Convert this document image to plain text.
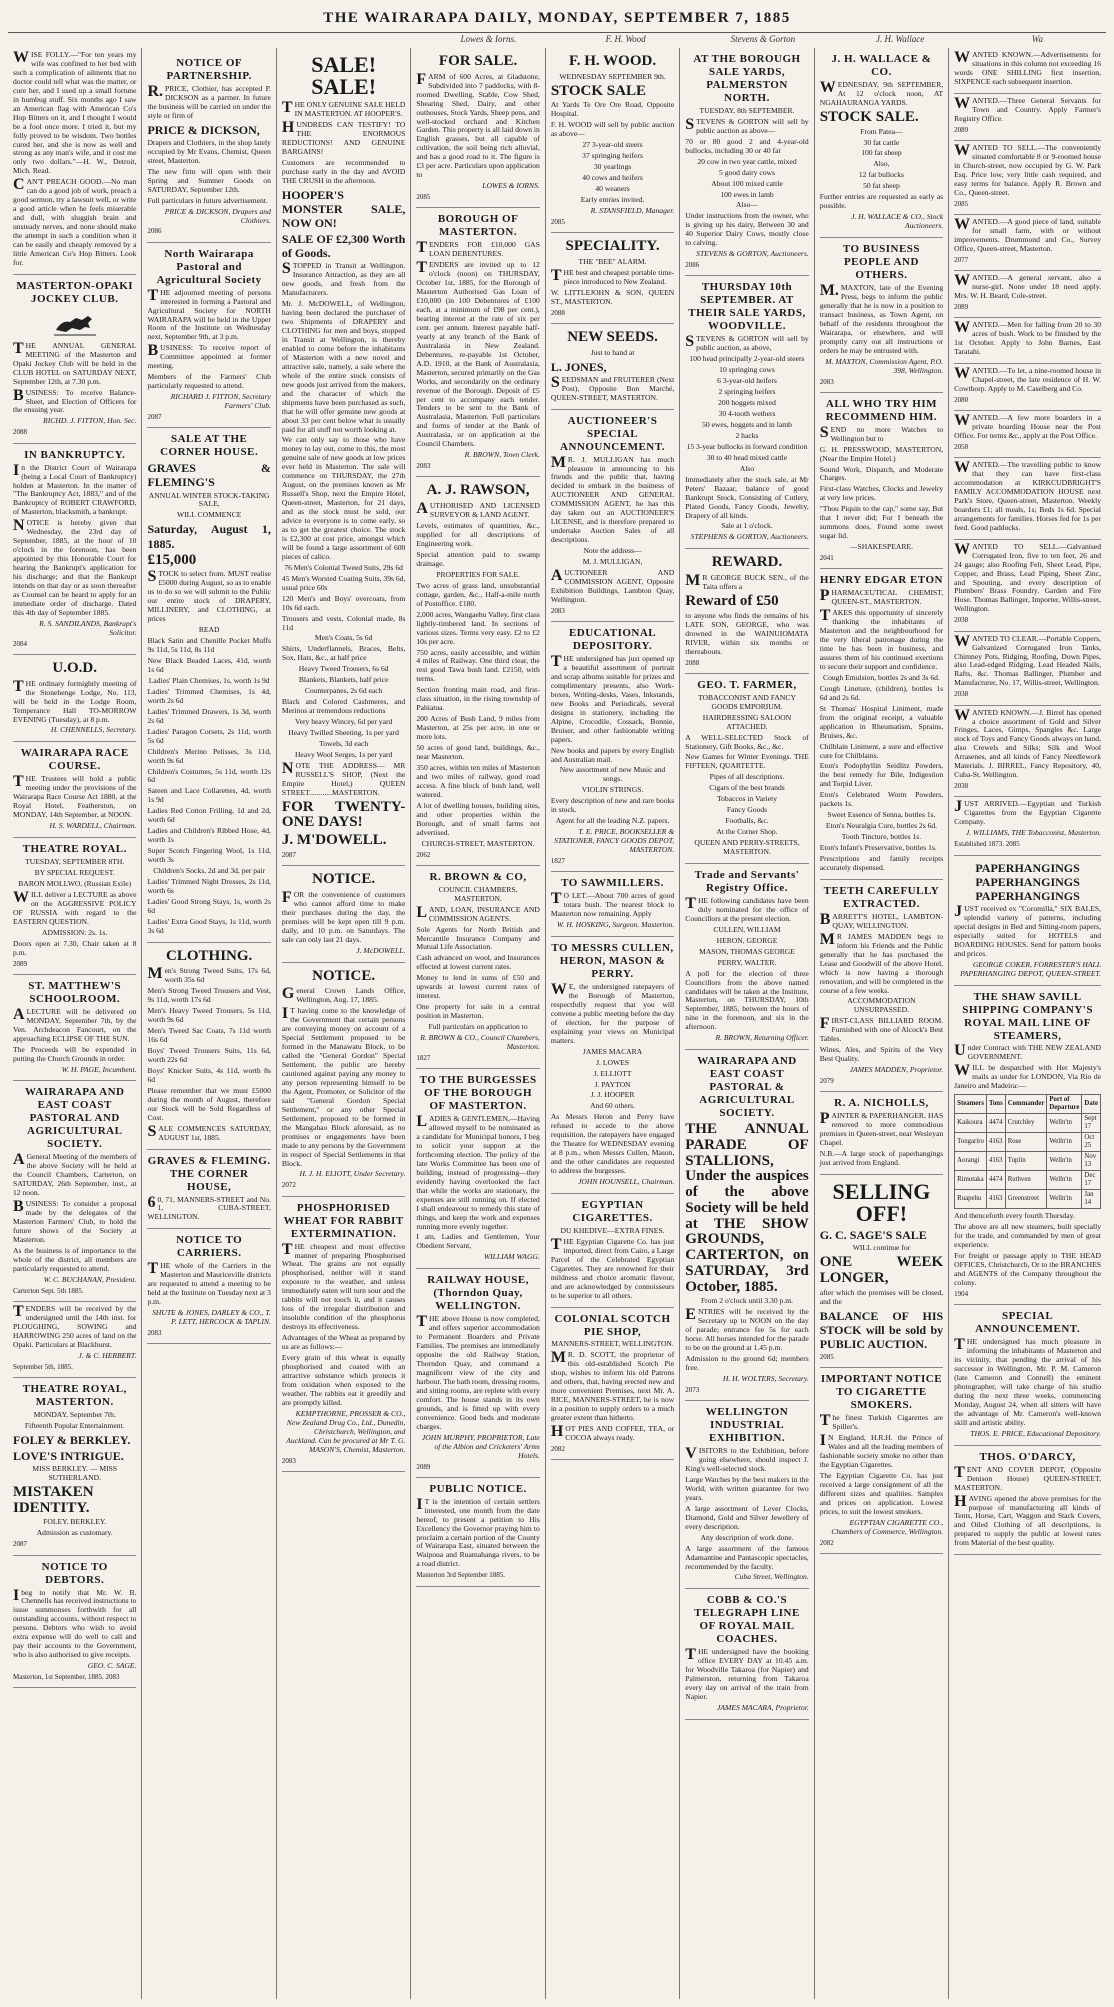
THE WAIRARAPA DAILY, MONDAY, SEPTEMBER 7, 1885
Lowes & Iorns.	F. H. Wood	Stevens & Gorton	J. H. Wallace	Wa

WISE FOLLY.—"For ten years my wife was confined to her bed with such a complication of ailments that no doctor could tell what was the matter, or cure her, and I used up a small fortune in humbug stuff. Six months ago I saw an American flag with American Co's Hop Bitters on it, and I thought I would be a fool once more. I tried it, but my folly proved to be wisdom. Two bottles cured her, and she is now as well and strong as any man's wife, and it cost me only two dollars."—H. W., Detroit, Mich. Read.

CAN'T PREACH GOOD.—No man can do a good job of work, preach a good sermon, try a lawsuit well, or write a good article when he feels miserable and dull, with sluggish brain and unsteady nerves, and none should make the attempt in such a condition when it can be easily and cheaply removed by a little American Co's Hop Bitters. Look for.

MASTERTON-OPAKI JOCKEY CLUB.

THE ANNUAL GENERAL MEETING of the Masterton and Opaki Jockey Club will be held in the CLUB HOTEL on SATURDAY NEXT, September 12th, at 7.30 p.m.

BUSINESS: To receive Balance-Sheet, and Election of Officers for the ensuing year.

RICHD. J. FITTON, Hon. Sec.

2088

IN BANKRUPTCY.

In the District Court of Wairarapa (being a Local Court of Bankruptcy) holden at Masterton. In the matter of "The Bankruptcy Act, 1883," and of the Bankruptcy of ROBERT CRAWFORD, of Masterton, blacksmith, a bankrupt.

NOTICE is hereby given that Wednesday, the 23rd day of September, 1885, at the hour of 10 o'clock in the forenoon, has been appointed by this Honorable Court for hearing the Bankrupt's application for his discharge; and that the Bankrupt intends on that day or as soon thereafter as Counsel can be heard to apply for an immediate order of discharge. Dated this 4th day of September 1885.

R. S. SANDILANDS, Bankrupt's Solicitor.

2084

U.O.D.

THE ordinary fortnightly meeting of the Stonehenge Lodge, No. 113, will be held in the Lodge Room, Temperance Hall TO-MORROW EVENING (Tuesday), at 8 p.m.

H. CHENNELLS, Secretary.

WAIRARAPA RACE COURSE.

THE Trustees will hold a public meeting under the provisions of the Wairarapa Race Course Act 1880, at the Royal Hotel, Featherston, on MONDAY, 14th September, at NOON.

H. S. WARDELL, Chairman.

THEATRE ROYAL.

TUESDAY, SEPTEMBER 8TH.

BY SPECIAL REQUEST.

BARON MOLLWO, (Russian Exile)

WILL deliver a LECTURE as above on the AGGRESSIVE POLICY OF RUSSIA with regard to the EASTERN QUESTION.

ADMISSION: 2s. 1s.

Doors open at 7.30, Chair taken at 8 p.m.

2089

ST. MATTHEW'S SCHOOLROOM.

ALECTURE will be delivered on MONDAY, September 7th, by the Ven. Archdeacon Fancourt, on the approaching ECLIPSE OF THE SUN.

The Proceeds will be expended in putting the Church Grounds in order.

W. H. PAGE, Incumbent.

WAIRARAPA AND EAST COAST PASTORAL AND AGRICULTURAL SOCIETY.

AGeneral Meeting of the members of the above Society will be held at the Council Chambers, Carterton, on SATURDAY, 26th September, inst., at 12 noon.

BUSINESS: To consider a proposal made by the delegates of the Masterton Farmers' Club, to hold the future shows of the Society at Masterton.

As the business is of importance to the whole of the district, all members are particularly requested to attend.

W. C. BUCHANAN, President.

Carterton Sept. 5th 1885.

TENDERS will be received by the undersigned until the 14th inst. for PLOUGHING, SOWING and HARROWING 250 acres of land on the Opaki. Particulars at Blackhurst.

J. & C. HERBERT.

September 5th, 1885.

THEATRE ROYAL, MASTERTON.

MONDAY, September 7th.

Fifteenth Popular Entertainment.

FOLEY & BERKLEY.

LOVE'S INTRIGUE.

MISS BERKLEY. — MISS SUTHERLAND.

MISTAKEN IDENTITY.

FOLEY. BERKLEY.

Admission as customary.

2087

NOTICE TO DEBTORS.

Ibeg to notify that Mr. W. B. Chennells has received instructions to issue summonses forthwith for all outstanding accounts, without respect to persons. Debtors who wish to avoid extra expense will do well to call and pay their accounts to the Government, who is also authorised to give receipts.

GEO. C. SAGE.

Masterton, 1st September, 1885. 2083

NOTICE OF PARTNERSHIP.

R.PRICE, Clothier, has accepted P. DICKSON as a partner. In future the business will be carried on under the style or firm of

PRICE & DICKSON,

Drapers and Clothiers, in the shop lately occupied by Mr Evans, Chemist, Queen street, Masterton.

The new firm will open with their Spring and Summer Goods on SATURDAY, September 12th.

Full particulars in future advertisement.

PRICE & DICKSON, Drapers and Clothiers.

2086

North Wairarapa Pastoral and Agricultural Society

THE adjourned meeting of persons interested in forming a Pastoral and Agricultural Society for NORTH WAIRARAPA will be held in the Upper Room of the Institute on Wednesday next, September 9th, at 3 p.m.

BUSINESS: To receive report of Committee appointed at former meeting.

Members of the Farmers' Club particularly requested to attend.

RICHARD J. FITTON, Secretary Farmers' Club.

2087

SALE AT THE CORNER HOUSE.

GRAVES & FLEMING'S

ANNUAL WINTER STOCK-TAKING SALE,

WILL COMMENCE

Saturday, August 1, 1885.

£15,000

STOCK to select from. MUST realise £5000 during August, so as to enable us to do so we will submit to the Public our entire stock of DRAPERY, MILLINERY, and CLOTHING, at prices

READ

Black Satin and Chenille Pocket Muffs 9s 11d, 5s 11d, 8s 11d

New Black Beaded Laces, 41d, worth 1s 6d

Ladies' Plain Chemises, 1s, worth 1s 9d

Ladies' Trimmed Chemises, 1s 4d, worth 2s 6d

Ladies' Trimmed Drawers, 1s 3d, worth 2s 6d

Ladies' Paragon Corsets, 2s 11d, worth 5s 6d

Children's Merino Pelisses, 3s 11d, worth 9s 6d

Children's Costumes, 5s 11d, worth 12s 6d

Sateen and Lace Collarettes, 4d, worth 1s 9d

Ladies Red Cotton Frilling, 1d and 2d, worth 6d

Ladies and Children's Ribbed Hose, 4d, worth 1s

Super Scotch Fingering Wool, 1s 11d, worth 3s

Children's Socks, 2d and 3d, per pair

Ladies' Trimmed Night Dresses, 2s 11d, worth 6s

Ladies' Good Strong Stays, 1s, worth 2s 6d

Ladies' Extra Good Stays, 1s 11d, worth 3s 6d

CLOTHING.

Men's Strong Tweed Suits, 17s 6d, worth 35s 6d

Men's Strong Tweed Trousers and Vest, 9s 11d, worth 17s 6d

Men's Heavy Tweed Trousers, 5s 11d, worth 9s 6d

Men's Tweed Sac Coats, 7s 11d worth 16s 6d

Boys' Tweed Trousers Suits, 11s 6d, worth 22s 6d

Boys' Knicker Suits, 4s 11d, worth 8s 6d

Please remember that we must £5000 during the month of August, therefore our Stock will be Sold Regardless of Cost.

SALE COMMENCES SATURDAY, AUGUST 1st, 1885.

GRAVES & FLEMING. THE CORNER HOUSE,

60, 71, MANNERS-STREET and No. 1, CUBA-STREET, WELLINGTON.

NOTICE TO CARRIERS.

THE whole of the Carriers in the Masterton and Mauriceville districts are requested to attend a meeting to be held at the Institute on Tuesday next at 3 p.m.

SHUTE & JONES, DARLEY & CO., T. P. LETT, HERCOCK & TAPLIN.

2083

SALE! SALE!

THE ONLY GENUINE SALE HELD IN MASTERTON. AT HOOPER'S.

HUNDREDS CAN TESTIFY! TO THE ENORMOUS REDUCTIONS! AND GENUINE BARGAINS!

Customers are recommended to purchase early in the day and AVOID THE CRUSH in the afternoon.

HOOPER'S MONSTER SALE, NOW ON!

SALE OF £2,300 Worth of Goods.

STOPPED in Transit at Wellington. Insurance Attraction, as they are all new goods, and fresh from the Manufacturers.

Mr. J. McDOWELL, of Wellington, having been declared the purchaser of two Shipments of DRAPERY and CLOTHING for men and boys, stopped in Transit at Wellington, is thereby enabled to come before the inhabitants of Masterton with a new novel and attractive sale, namely, a sale where the whole of the entire stock consists of new goods just arrived from the makers, and the character of which the shipments have been purchased as such, that he will offer genuine new goods at about 33 per cent below what is usually paid for all stuff not worth looking at.

We can only say to those who have money to lay out, come to this, the most genuine sale of new goods at low prices ever held in Masterton. The sale will commence on THURSDAY, the 27th August, on the premises known as Mr Russell's Shop, next the Empire Hotel, Queen-street, Masterton, for 21 days, and as the stock must be sold, our advice to everyone is to come early, so as to get the greatest choice. The stock is £2,300 at cost price, amongst which will be found a large assortment of 600 pieces of calico.

76 Men's Colonial Tweed Suits, 29s 6d

45 Men's Worsted Coating Suits, 39s 6d, usual price 60s

120 Men's and Boys' overcoats, from 10s 6d each.

Trousers and vests, Colonial made, 8s 11d

Men's Coats, 5s 6d

Shirts, Underflannels, Braces, Belts, Sox, Hats, &c., at half price

Heavy Tweed Trousers, 6s 6d

Blankets, Blankets, half price

Counterpanes, 2s 6d each

Black and Colored Cashmeres, and Merinos at tremendous reductions

Very heavy Wincey, 6d per yard

Heavy Twilled Sheeting, 1s per yard

Towels, 3d each

Heavy Wool Serges, 1s per yard

NOTE THE ADDRESS— MR RUSSELL'S SHOP, (Next the Empire Hotel,) QUEEN STREET............MASTERTON.

FOR TWENTY-ONE DAYS!

J. M'DOWELL.

2087

NOTICE.

FOR the convenience of customers who cannot afford time to make their purchases during the day, the premises will be kept open till 9 p.m. daily, and 10 p.m. on Saturdays. The sale can only last 21 days.

J. McDOWELL.

NOTICE.

General Crown Lands Office, Wellington, Aug. 17, 1885.

IT having come to the knowledge of the Government that certain persons are conveying money on account of a Special Settlement proposed to be formed in the Manawatu Block, to be called the "General Gordon" Special Settlement, the public are hereby cautioned against paying any money to any person representing himself to be the Agent, Promoter, or Solicitor of the said "General Gordon Special Settlement," or any other Special Settlement, proposed to be formed in the Mangahao Block aforesaid, as no promises or engagements have been made to any persons by the Government in respect of Special Settlements in that Block.

H. J. H. ELIOTT, Under Secretary.

2072

PHOSPHORISED WHEAT FOR RABBIT EXTERMINATION.

THE cheapest and most effective manner of preparing Phosphorised Wheat. The grains are not equally phosphorised, neither will it stand exposure to the weather, and unless immediately eaten will turn sour and the rabbits will not touch it, and it causes loss of the irregular distribution and insoluble condition of the phosphorus destroys its effectiveness.

Advantages of the Wheat as prepared by us are as follows:—

Every grain of this wheat is equally phosphorised and coated with an attractive substance which protects it from oxidation when exposed to the weather. The rabbits eat it greedily and are promptly killed.

KEMPTHORNE, PROSSER & CO., New Zealand Drug Co., Ltd., Dunedin, Christchurch, Wellington, and Auckland. Can be procured at Mr T. G. MASON'S, Chemist, Masterton.

2083

FOR SALE.

FARM of 600 Acres, at Gladstone, Subdivided into 7 paddocks, with 8-roomed Dwelling, Stable, Cow Shed, Shearing Shed, Dairy, and other outhouses, Stock Yards, Sheep pens, and well-stocked orchard and Kitchen Garden. This property is all laid down in English grasses, but all capable of cultivation, the soil being rich alluvial, and has a good road to it. The figure is £3 per acre. Particulars upon application to

LOWES & IORNS.

2085

BOROUGH OF MASTERTON.

TENDERS FOR £10,000 GAS LOAN DEBENTURES.

TENDERS are invited up to 12 o'clock (noon) on THURSDAY, October 1st, 1885, for the Borough of Masterton Authorised Gas Loan of £10,000 (in 100 Debentures of £100 each, at a minimum of £98 per cent.), bearing interest at the rate of six per cent. per annum. Interest payable half-yearly at any branch of the Bank of Australasia in New Zealand. Debentures, re-payable 1st October, A.D. 1910, at the Bank of Australasia, Masterton, secured primarily on the Gas Works, and secondarily on the ordinary revenue of the Borough. Deposit of £5 per cent to accompany each tender. Tenders to be sent to the Bank of Australasia, Masterton. Full particulars and forms of tender at the Bank of Australasia, or on application at the Council Chambers.

R. BROWN, Town Clerk.

2083

A. J. RAWSON,

AUTHORISED AND LICENSED SURVEYOR & LAND AGENT.

Levels, estimates of quantities, &c., supplied for all descriptions of Engineering work.

Special attention paid to swamp drainage.

PROPERTIES FOR SALE.

Two acres of grass land, unsubstantial cottage, garden, &c., Half-a-mile north of Postoffice. £180.

2,000 acres, Wangaehu Valley, first class lightly-timbered land. In sections of various sizes. Terms very easy. £2 to £2 10s per acre.

750 acres, easily accessible, and within 4 miles of Railway. One third clear, the rest good Tawa bush land. £2150, with terms.

Section fronting main road, and first-class situation, in the rising township of Pahiatua.

200 Acres of Bush Land, 9 miles from Masterton, at 25s per acre, in one or more lots.

50 acres of good land, buildings, &c., near Masterton.

350 acres, within ten miles of Masterton and two miles of railway, good road access. A fine block of bush land, well watered.

A lot of dwelling houses, building sites, and other properties within the Borough, and of small farms not advertised.

CHURCH-STREET, MASTERTON.

2062

R. BROWN & CO,

COUNCIL CHAMBERS, MASTERTON.

LAND, LOAN, INSURANCE AND COMMISSION AGENTS.

Sole Agents for North British and Mercantile Insurance Company and Mutual Life Association.

Cash advanced on wool, and Insurances effected at lowest current rates.

Money to lend in sums of £50 and upwards at lowest current rates of interest.

One property for sale in a central position in Masterton.

Full particulars on application to

R. BROWN & CO., Council Chambers, Masterton.

1827

TO THE BURGESSES OF THE BOROUGH OF MASTERTON.

LADIES & GENTLEMEN,—Having allowed myself to be nominated as a candidate for Municipal honors, I beg to solicit your support at the forthcoming election. The policy of the late Works Committee has been one of building, instead of progressing—they evidently having overlooked the fact that while the works are stationary, the expenses are still running on. If elected I shall endeavour to remedy this state of things, and keep the work and expenses running more evenly together.

I am, Ladies and Gentlemen, Your Obedient Servant,

WILLIAM WAGG.

RAILWAY HOUSE, (Thorndon Quay, WELLINGTON.

THE above House is now completed, and offers superior accommodation to Permanent Boarders and Private Families. The premises are immediately opposite the old Railway Station, Thorndon Quay, and command a magnificent view of the city and harbour. The bath room, dressing rooms, and sitting rooms, are replete with every comfort. The house stands in its own grounds, and is fitted up with every convenience. Good beds and moderate charges.

JOHN MURPHY, PROPRIETOR, Late of the Albion and Cricketers' Arms Hotels.

2089

PUBLIC NOTICE.

IT is the intention of certain settlers interested, one month from the date hereof, to present a petition to His Excellency the Governor praying him to proclaim a certain portion of the County of Wairarapa East, situated between the Waipoua and Ruamahanga rivers, to be a road district.

Masterton 3rd September 1885.

F. H. WOOD.

WEDNESDAY SEPTEMBER 9th.

STOCK SALE

At Yards Te Ore Ore Road, Opposite Hospital.

F. H. WOOD will sell by public auction as above—

27 3-year-old steers

37 springing heifers

30 yearlings

40 cows and heifers

40 weaners

Early entries invited.

R. STANSFIELD, Manager.

2085

SPECIALITY.

THE "BEE" ALARM.

THE best and cheapest portable time-piece introduced to New Zealand.

W. LITTLEJOHN & SON, QUEEN ST., MASTERTON.

2088

NEW SEEDS.

Just to hand at

L. JONES,

SEEDSMAN and FRUITERER (Next Post), Opposite Bon Marché, QUEEN-STREET, MASTERTON.

AUCTIONEER'S SPECIAL ANNOUNCEMENT.

MR. J. MULLIGAN has much pleasure in announcing to his friends and the public that, having decided to embark in the business of AUCTIONEER AND GENERAL COMMISSION AGENT, he has this day taken out an AUCTIONEER'S LICENSE, and is therefore prepared to undertake Auction Sales of all descriptions.

Note the address—

M. J. MULLIGAN,

AUCTIONEER AND COMMISSION AGENT, Opposite Exhibition Buildings, Lambton Quay, Wellington.

2083

EDUCATIONAL DEPOSITORY.

THE undersigned has just opened up a beautiful assortment of portrait and scrap albums suitable for prizes and complimentary presents, also Work-boxes, Writing-desks, Vases, Inkstands, new Books and Periodicals, several designs in stationery, including the Alpine, Crocodile, Cossack, Bonnie, Bruiser, and other fashionable writing papers.

New books and papers by every English and Australian mail.

New assortment of new Music and songs.

VIOLIN STRINGS.

Every description of new and rare books in stock.

Agent for all the leading N.Z. papers.

T. E. PRICE, BOOKSELLER & STATIONER, FANCY GOODS DEPOT, MASTERTON.

1827

TO SAWMILLERS.

TO LET.—About 700 acres of good totara bush. The nearest block to Masterton now remaining. Apply

W. H. HOSKING, Surgeon. Masterton.

TO MESSRS CULLEN, HERON, MASON & PERRY.

WE, the undersigned ratepayers of the Borough of Masterton, respectfully request that you will convene a public meeting before the day of election, for the purpose of explaining your views on Municipal matters.

JAMES MACARA

J. LOWES

J. ELLIOTT

J. PAYTON

J. J. HOOPER

And 60 others.

As Messrs Heron and Perry have refused to accede to the above requisition, the ratepayers have engaged the Theatre for WEDNESDAY evening at 8 p.m., when Messrs Cullen, Mason, and the other candidates are requested to address the burgesses.

JOHN HOUNSELL, Chairman.

EGYPTIAN CIGARETTES.

DU KHEDIVE—EXTRA FINES.

THE Egyptian Cigarette Co. has just imported, direct from Cairo, a Large Parcel of the Celebrated Egyptian Cigarettes. They are renowned for their mildness and choice aromatic flavour, and are acknowledged by connoisseurs to be superior to all others.

COLONIAL SCOTCH PIE SHOP,

MANNERS-STREET, WELLINGTON.

MR. D. SCOTT, the proprietor of this old-established Scotch Pie shop, wishes to inform his old Patrons and others, that, having erected new and more convenient Premises, next Mr. A. RICE, MANNERS-STREET, he is now in a position to supply orders to a much greater extent than hitherto.

HOT PIES AND COFFEE, TEA, or COCOA always ready.

2082

AT THE BOROUGH SALE YARDS, PALMERSTON NORTH.

TUESDAY, 8th SEPTEMBER.

STEVENS & GORTON will sell by public auction as above—

70 or 80 good 2 and 4-year-old bullocks, including 30 or 40 fat

20 cow in two year cattle, mixed

5 good dairy cows

About 100 mixed cattle

100 ewes in lamb

Also—

Under instructions from the owner, who is giving up his dairy, Between 30 and 40 Superior Dairy Cows, mostly close to calving.

STEVENS & GORTON, Auctioneers.

2086

THURSDAY 10th SEPTEMBER. AT THEIR SALE YARDS, WOODVILLE.

STEVENS & GORTON will sell by public auction, as above,

100 head principally 2-year-old steers

10 springing cows

6 3-year-old heifers

2 springing heifers

200 hoggets mixed

30 4-tooth wethers

50 ewes, hoggets and in lamb

2 hacks

15 3-year bullocks in forward condition

30 to 40 head mixed cattle

Also

Immediately after the stock sale, at Mr Peters' Bazaar, balance of good Bankrupt Stock, Consisting of Cutlery, Plated Goods, Fancy Goods, Jewelry, Drapery of all kinds.

Sale at 1 o'clock.

STEPHENS & GORTON, Auctioneers.

REWARD.

MR GEORGE BUCK SEN., of the Taita offers a

Reward of £50

to anyone who finds the remains of his LATE SON, GEORGE, who was drowned in the WAINUIOMATA RIVER, within six months or thereabouts.

2088

GEO. T. FARMER,

TOBACCONIST AND FANCY GOODS EMPORIUM.

HAIRDRESSING SALOON ATTACHED.

A WELL-SELECTED Stock of Stationery, Gift Books, &c., &c.

New Games for Winter Evenings. THE FIFTEEN, QUARTETTE.

Pipes of all descriptions.

Cigars of the best brands

Tobaccos in Variety

Fancy Goods

Footballs, &c.

At the Corner Shop.

QUEEN AND PERRY-STREETS, MASTERTON.

Trade and Servants' Registry Office.

THE following candidates have been duly nominated for the office of Councillors at the present election.

CULLEN, WILLIAM

HERON, GEORGE

MASON, THOMAS GEORGE

PERRY, WALTER.

A poll for the election of three Councillors from the above named candidates will be taken at the Institute, Masterton, on THURSDAY, 10th September, 1885, between the hours of nine in the forenoon, and six in the afternoon.

R. BROWN, Returning Officer.

WAIRARAPA AND EAST COAST PASTORAL & AGRICULTURAL SOCIETY.

THE ANNUAL PARADE OF STALLIONS, Under the auspices of the above Society will be held at THE SHOW GROUNDS, CARTERTON, on SATURDAY, 3rd October, 1885.

From 2 o'clock until 3.30 p.m.

ENTRIES will be received by the Secretary up to NOON on the day of parade; entrance fee 5s for each horse. All horses intended for the parade to be on the ground at 1.45 p.m.

Admission to the ground 6d; members free.

H. H. WOLTERS, Secretary.

2073

WELLINGTON INDUSTRIAL EXHIBITION.

VISITORS to the Exhibition, before going elsewhere, should inspect J. King's well-selected stock.

Large Watches by the best makers in the World, with written guarantee for two years.

A large assortment of Lever Clocks, Diamond, Gold and Silver Jewellery of every description.

Any description of work done.

A large assortment of the famous Adamantine and Pantascopic spectacles, recommended by the faculty.

Cuba Street, Wellington.

COBB & CO.'S TELEGRAPH LINE OF ROYAL MAIL COACHES.

THE undersigned have the booking office EVERY DAY at 10.45 a.m. for Woodville Takaroa (for Napier) and Palmerston, returning from Takaroa every day on arrival of the train from Napier.

JAMES MACARA, Proprietor.

J. H. WALLACE & CO.

WEDNESDAY, 9th SEPTEMBER, At 12 o'clock noon, AT NGAHAURANGA YARDS.

STOCK SALE.

From Patea—

30 fat cattle

100 fat sheep

Also,

12 fat bullocks

50 fat sheep

Further entries are requested as early as possible.

J. H. WALLACE & CO., Stock Auctioneers.

TO BUSINESS PEOPLE AND OTHERS.

M.MAXTON, late of the Evening Press, begs to inform the public generally that he is now in a position to transact business, as Town Agent, on behalf of the residents throughout the Wairarapa, or elsewhere, and will promptly carry out all instructions or orders he may be entrusted with.

M. MAXTON, Commission Agent, P.O. 398, Wellington.

2083

ALL WHO TRY HIM RECOMMEND HIM.

SEND no more Watches to Wellington but to

G. H. PRESSWOOD, MASTERTON, (Near the Empire Hotel.)

Sound Work, Dispatch, and Moderate Charges.

First-class Watches, Clocks and Jewelry at very low prices.

"Thou Piquin to the cap," some say, But that I never did; For I beneath the summons does, Found some sweet sugar lid.

—SHAKESPEARE.

2041

HENRY EDGAR ETON

PHARMACEUTICAL CHEMIST, QUEEN-ST., MASTERTON.

TAKES this opportunity of sincerely thanking the inhabitants of Masterton and the neighbourhood for the very liberal patronage during the time he has been in business, and assures them of his continued exertions to secure their support and confidence.

Cough Emulsion, bottles 2s and 3s 6d.

Cough Lineture, (children), bottles 1s 6d and 2s 6d.

St Thomas' Hospital Liniment, made from the original receipt, a valuable application in Rheumatism, Sprains, Bruises, &c.

Chilblain Liniment, a sure and effective cure for Chilblains.

Eton's Podophyllin Seidlitz Powders, the best remedy for Bile, Indigestion and Torpid Liver.

Eton's Celebrated Worm Powders, packets 1s.

Sweet Essence of Senna, bottles 1s.

Eton's Neuralgia Cure, bottles 2s 6d.

Tooth Tincture, bottles 1s.

Eton's Infant's Preservative, bottles 1s.

Prescriptions and family receipts accurately dispensed.

TEETH CAREFULLY EXTRACTED.

BARRETT'S HOTEL, LAMBTON-QUAY, WELLINGTON.

MR JAMES MADDEN begs to inform his Friends and the Public generally that he has purchased the Lease and Goodwill of the above Hotel, which is now having a thorough renovation, and will be completed in the course of a few weeks.

ACCOMMODATION UNSURPASSED.

FIRST-CLASS BILLIARD ROOM. Furnished with one of Alcock's Best Tables.

Wines, Ales, and Spirits of the Very Best Quality.

JAMES MADDEN, Proprietor.

2079

R. A. NICHOLLS,

PAINTER & PAPERHANGER, HAS removed to more commodious premises in Queen-street, near Wesleyan Chapel.

N.B.—A large stock of paperhangings just arrived from England.

SELLING OFF!

G. C. SAGE'S SALE

WILL continue for

ONE WEEK LONGER,

after which the premises will be closed, and the

BALANCE OF HIS STOCK will be sold by PUBLIC AUCTION.

2085

IMPORTANT NOTICE TO CIGARETTE SMOKERS.

The finest Turkish Cigarettes are Spiller's.

IN England, H.R.H. the Prince of Wales and all the leading members of fashionable society smoke no other than the Egyptian Cigarettes.

The Egyptian Cigarette Co. has just received a large consignment of all the different sizes and qualities. Samples and prices on application. Lowest prices, to suit the lowest smokers.

EGYPTIAN CIGARETTE CO., Chambers of Commerce, Wellington.

2082

WANTED KNOWN.—Advertisements for situations in this column not exceeding 16 words ONE SHILLING first insertion, SIXPENCE each subsequent insertion.

WANTED.—Three General Servants for Town and Country. Apply Farmer's Registry Office.

2089

WANTED TO SELL.—The conveniently situated comfortable 8 or 9-roomed house in Church-street, now occupied by G. W. Park Esq. Price low, very little cash required, and easy terms for balance. Apply R. Brown and Co., Queen-street.

2085

WANTED.—A good piece of land, suitable for small farm, with or without improvements. Drummond and Co., Survey Office, Queen-street, Masterton.

2077

WANTED.—A general servant, also a nurse-girl. None under 18 need apply. Mrs. W. H. Beard, Cole-street.

2089

WANTED.—Men for falling from 20 to 30 acres of bush. Work to be finished by the 1st October. Apply to John Barnes, East Taratahi.

WANTED.—To let, a nine-roomed house in Chapel-street, the late residence of H. W. Cowthorp. Apply to M. Caselberg and Co.

2080

WANTED.—A few more boarders in a private boarding House near the Post Office. For terms &c., apply at the Post Office.

2058

WANTED.—The travelling public to know that they can have first-class accommodation at KIRKCUDBRIGHT'S FAMILY ACCOMMODATION HOUSE next Park's Store, Queen-street, Masterton. Weekly boarders £1; all meals, 1s; Beds 1s 6d. Special arrangements for families. Horses fed for 1s per feed. Good paddocks.

WANTED TO SELL.—Galvanised Corrugated Iron, five to ten feet, 26 and 24 gauge; also Roofing Felt, Sheet Lead, Pipe, Copper, and Brass, Lead Piping, Sheet Zinc, and Spouting, and every description of Plumbers' Brass Foundry. Garden and Fire Hose. Thomas Ballinger, Importer, Willis-street, Wellington.

2038

WANTED TO CLEAR.—Portable Coppers, Galvanized Corrugated Iron Tanks, Chimney Pots, Ridging, Roofing, Down Pipes, also Lead-edged Ridging, Lead Headed Nails, Rafts, &c. Thomas Ballinger, Plumber and Manufacturer, No. 17, Willis-street, Wellington.

2038

WANTED KNOWN.—J. Birrel has opened a choice assortment of Gold and Silver Fringes, Laces, Gimps, Spangles &c. Large stock of Toys and Fancy Goods always on hand, also Crewels and Silks; Silk and Wool Arrasenes, and all kinds of Fancy Needlework Materials. J. BIRREL, Fancy Repository, 40, Cuba-St. Wellington.

2038

JUST ARRIVED.—Egyptian and Turkish Cigarettes from the Egyptian Cigarette Company.

J. WILLIAMS, THE Tobacconist, Masterton.

Established 1873. 2085

PAPERHANGINGS PAPERHANGINGS PAPERHANGINGS

JUST received ex "Coromilla," SIX BALES, splendid variety of patterns, including special designs in Bed and Sitting-room papers, especially suited for HOTELS and BOARDING HOUSES. Send for pattern books and prices.

GEORGE COKER, FORRESTER'S HALL PAPERHANGING DEPOT, QUEEN-STREET.

THE SHAW SAVILL SHIPPING COMPANY'S ROYAL MAIL LINE OF STEAMERS,

Under Contract with THE NEW ZEALAND GOVERNMENT.

WILL be despatched with Her Majesty's mails as under for LONDON, Via Rio de Janeiro and Madeira:—

Steamers	Tons	Commander	Port of Departure	Date
Kaikoura	4474	Crutchley	Welln'tn	Sept 17
Tongariro	4163	Rose	Welln'tn	Oct 25
Aorangi	4163	Tuplin	Welln'tn	Nov 13
Rimutaka	4474	Ruthven	Welln'tn	Dec 17
Ruapehu	4163	Greenstreet	Welln'tn	Jan 14

And thenceforth every fourth Thursday.

The above are all new steamers, built specially for the trade, and commanded by men of great experience.

For freight or passage apply to THE HEAD OFFICES, Christchurch, Or to the BRANCHES and AGENTS of the Company throughout the colony.

1904

SPECIAL ANNOUNCEMENT.

THE undersigned has much pleasure in informing the inhabitants of Masterton and its vicinity, that pending the arrival of his successor in Wellington, Mr. P. M. Cameron (late Cameron and Connell) the eminent photographer, will take charge of his studio during the next three weeks, commencing Monday, August 24, when all sitters will have the advantage of Mr. Cameron's well-known skill and artistic ability.

THOS. E. PRICE, Educational Depository.

THOS. O'DARCY,

TENT AND COVER DEPOT, (Opposite Denison House) QUEEN-STREET, MASTERTON.

HAVING opened the above premises for the purpose of manufacturing all kinds of Tents, Horse, Cart, Waggon and Stack Covers, and Oiled Clothing of all descriptions, is prepared to supply the public at lowest rates from Material of the best quality.
